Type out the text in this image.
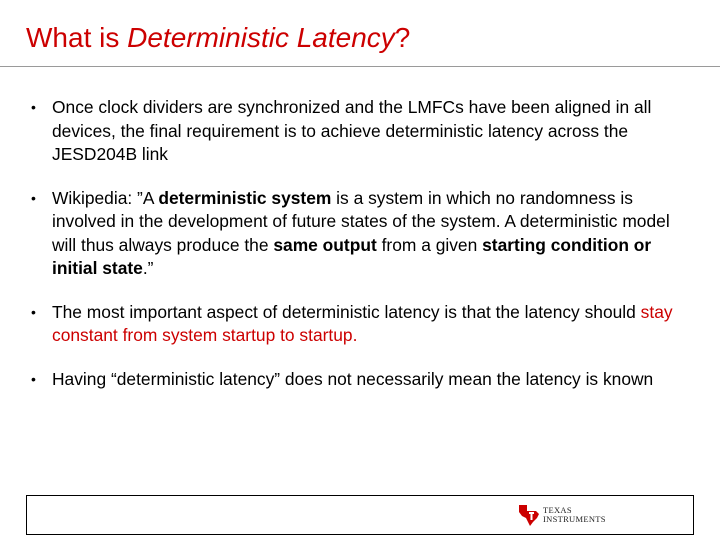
What is Deterministic Latency?
• Once clock dividers are synchronized and the LMFCs have been aligned in all devices, the final requirement is to achieve deterministic latency across the JESD204B link
• Wikipedia: ”A deterministic system is a system in which no randomness is involved in the development of future states of the system. A deterministic model will thus always produce the same output from a given starting condition or initial state.”
• The most important aspect of deterministic latency is that the latency should stay constant from system startup to startup.
• Having “deterministic latency” does not necessarily mean the latency is known
TEXAS
INSTRUMENTS
